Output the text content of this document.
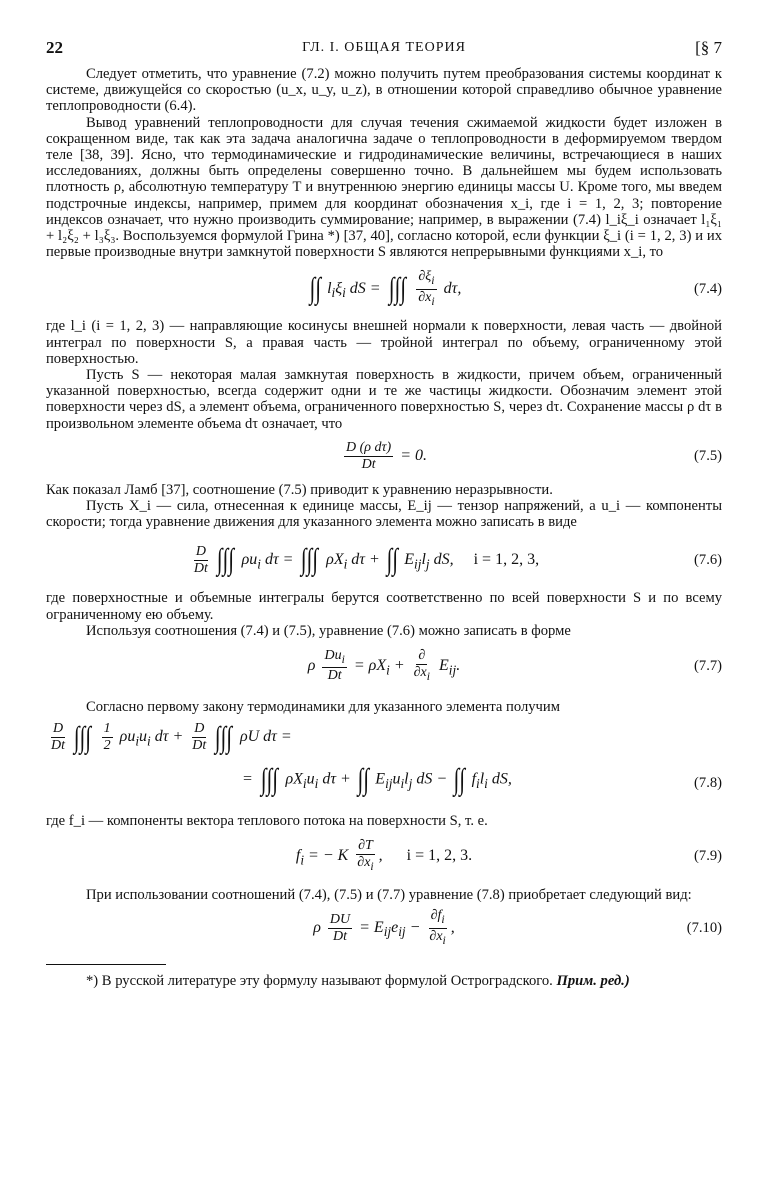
22	ГЛ. I. ОБЩАЯ ТЕОРИЯ	[§ 7

Следует отметить, что уравнение (7.2) можно получить путем преобразования системы координат к системе, движущейся со скоростью (u_x, u_y, u_z), в отношении которой справедливо обычное уравнение теплопроводности (6.4).

Вывод уравнений теплопроводности для случая течения сжимаемой жидкости будет изложен в сокращенном виде, так как эта задача аналогична задаче о теплопроводности в деформируемом твердом теле [38, 39]. Ясно, что термодинамические и гидродинамические величины, встречающиеся в наших исследованиях, должны быть определены совершенно точно. В дальнейшем мы будем использовать плотность ρ, абсолютную температуру T и внутреннюю энергию единицы массы U. Кроме того, мы введем подстрочные индексы, например, примем для координат обозначения x_i, где i = 1, 2, 3; повторение индексов означает, что нужно производить суммирование; например, в выражении (7.4) l_iξ_i означает l₁ξ₁ + l₂ξ₂ + l₃ξ₃. Воспользуемся формулой Грина *) [37, 40], согласно которой, если функции ξ_i (i = 1, 2, 3) и их первые производные внутри замкнутой поверхности S являются непрерывными функциями x_i, то

∫∫ $l_i\xi_i$ dS = ∫∫∫ $\frac{\partial\xi_i}{\partial x_i} d\tau$,	(7.4)

где l_i (i = 1, 2, 3) — направляющие косинусы внешней нормали к поверхности, левая часть — двойной интеграл по поверхности S, а правая часть — тройной интеграл по объему, ограниченному этой поверхностью.

Пусть S — некоторая малая замкнутая поверхность в жидкости, причем объем, ограниченный указанной поверхностью, всегда содержит одни и те же частицы жидкости. Обозначим элемент этой поверхности через dS, а элемент объема, ограниченного поверхностью S, через dτ. Сохранение массы ρ dτ в произвольном элементе объема dτ означает, что

$\frac{\text{D (ρ dτ)}}{Dt} = 0$.	(7.5)

Как показал Ламб [37], соотношение (7.5) приводит к уравнению неразрывности.

Пусть X_i — сила, отнесенная к единице массы, E_ij — тензор напряжений, а u_i — компоненты скорости; тогда уравнение движения для указанного элемента можно записать в виде

$\frac{D}{Dt}$ ∫∫∫ $\rho u_i$ dτ = ∫∫∫ $\rho X_i$ dτ + ∫∫ $E_{ij}l_j$ dS,     i = 1, 2, 3,	(7.6)

где поверхностные и объемные интегралы берутся соответственно по всей поверхности S и по всему ограниченному ею объему.

Используя соотношения (7.4) и (7.5), уравнение (7.6) можно записать в форме

ρ $\frac{Du_i}{Dt} = \rho X_i + \frac{\partial}{\partial x_i} E_{ij}$.	(7.7)

Согласно первому закону термодинамики для указанного элемента получим

$\frac{D}{Dt}$ ∫∫∫ $\frac{1}{2} \rho u_iu_i$ $d\tau + \frac{D}{Dt}$ ∫∫∫ ρU dτ =
= ∫∫∫ $\rho X_iu_i$ dτ + ∫∫ $E_{ij}u_il_j$ dS − ∫∫ $f_il_i$ dS,	(7.8)

где f_i — компоненты вектора теплового потока на поверхности S, т. е.

$f_i$ = − K $\frac{\partial T}{\partial x_i}$ ,      i = 1, 2, 3.	(7.9)

При использовании соотношений (7.4), (7.5) и (7.7) уравнение (7.8) приобретает следующий вид:

ρ $\frac{DU}{Dt} = E_{ij}e_{ij} - \frac{\partial f_i}{\partial x_i}$ ,	(7.10)
*) В русской литературе эту формулу называют формулой Остроградского. Прим. ред.)
